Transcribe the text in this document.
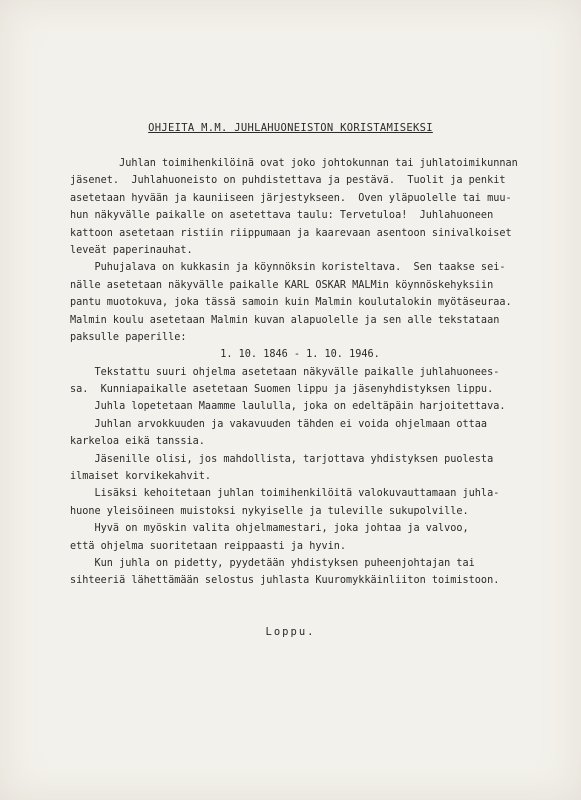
OHJEITA M.M. JUHLAHUONEISTON KORISTAMISEKSI
Juhlan toimihenkilöinä ovat joko johtokunnan tai juhlatoimikunnan
jäsenet.  Juhlahuoneisto on puhdistettava ja pestävä.  Tuolit ja penkit
asetetaan hyvään ja kauniiseen järjestykseen.  Oven yläpuolelle tai muu-
hun näkyvälle paikalle on asetettava taulu: Tervetuloa!  Juhlahuoneen
kattoon asetetaan ristiin riippumaan ja kaarevaan asentoon sinivalkoiset
leveät paperinauhat.
Puhujalava on kukkasin ja köynnöksin koristeltava.  Sen taakse sei-
nälle asetetaan näkyvälle paikalle KARL OSKAR MALMin köynnöskehyksiin
pantu muotokuva, joka tässä samoin kuin Malmin koulutalokin myötäseuraa.
Malmin koulu asetetaan Malmin kuvan alapuolelle ja sen alle tekstataan
paksulle paperille:
1. 10. 1846 - 1. 10. 1946.
Tekstattu suuri ohjelma asetetaan näkyvälle paikalle juhlahuonees-
sa.  Kunniapaikalle asetetaan Suomen lippu ja jäsenyhdistyksen lippu.
Juhla lopetetaan Maamme laululla, joka on edeltäpäin harjoitettava.
Juhlan arvokkuuden ja vakavuuden tähden ei voida ohjelmaan ottaa
karkeloa eikä tanssia.
Jäsenille olisi, jos mahdollista, tarjottava yhdistyksen puolesta
ilmaiset korvikekahvit.
Lisäksi kehoitetaan juhlan toimihenkilöitä valokuvauttamaan juhla-
huone yleisöineen muistoksi nykyiselle ja tuleville sukupolville.
Hyvä on myöskin valita ohjelmamestari, joka johtaa ja valvoo,
että ohjelma suoritetaan reippaasti ja hyvin.
Kun juhla on pidetty, pyydetään yhdistyksen puheenjohtajan tai
sihteeriä lähettämään selostus juhlasta Kuuromykkäinliiton toimistoon.
Loppu.
